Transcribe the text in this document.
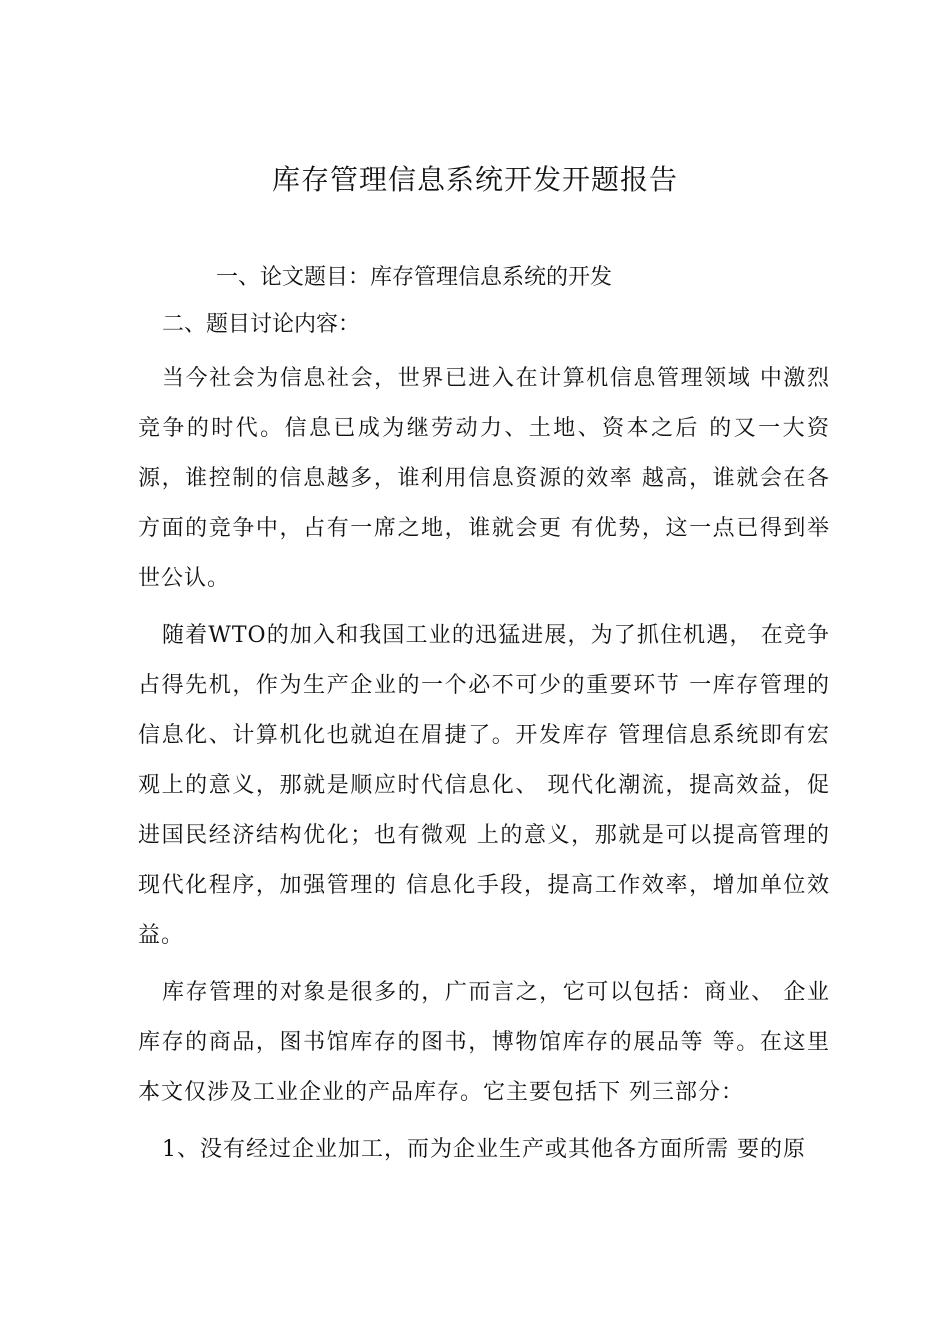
库存管理信息系统开发开题报告
一、论文题目：库存管理信息系统的开发
二、题目讨论内容：

当今社会为信息社会，世界已进入在计算机信息管理领域 中激烈竞争的时代。信息已成为继劳动力、土地、资本之后 的又一大资源，谁控制的信息越多，谁利用信息资源的效率 越高，谁就会在各方面的竞争中，占有一席之地，谁就会更 有优势，这一点已得到举世公认。

随着WTO的加入和我国工业的迅猛进展，为了抓住机遇， 在竞争占得先机，作为生产企业的一个必不可少的重要环节 一库存管理的信息化、计算机化也就迫在眉捷了。开发库存 管理信息系统即有宏观上的意义，那就是顺应时代信息化、 现代化潮流，提高效益，促进国民经济结构优化；也有微观 上的意义，那就是可以提高管理的现代化程序，加强管理的 信息化手段，提高工作效率，增加单位效益。

库存管理的对象是很多的，广而言之，它可以包括：商业、 企业库存的商品，图书馆库存的图书，博物馆库存的展品等 等。在这里本文仅涉及工业企业的产品库存。它主要包括下 列三部分：

1、没有经过企业加工，而为企业生产或其他各方面所需 要的原
